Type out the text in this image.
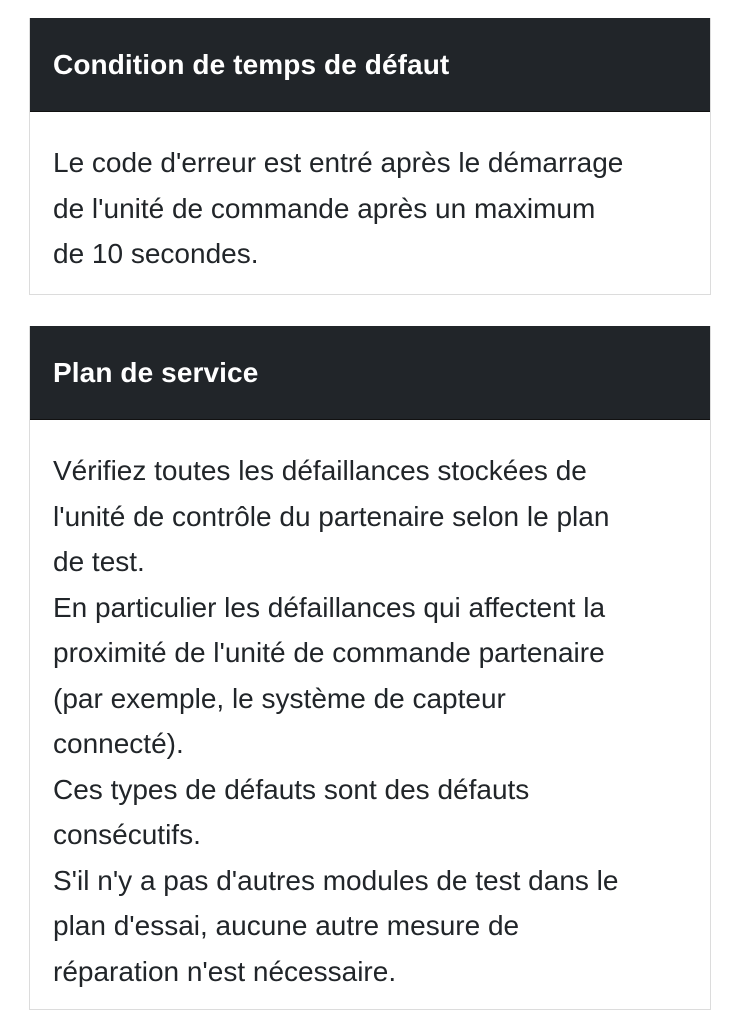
Condition de temps de défaut

Le code d'erreur est entré après le démarrage

de l'unité de commande après un maximum

de 10 secondes.

Plan de service

Vérifiez toutes les défaillances stockées de

l'unité de contrôle du partenaire selon le plan

de test.

En particulier les défaillances qui affectent la

proximité de l'unité de commande partenaire

(par exemple, le système de capteur

connecté).

Ces types de défauts sont des défauts

consécutifs.

S'il n'y a pas d'autres modules de test dans le

plan d'essai, aucune autre mesure de

réparation n'est nécessaire.
